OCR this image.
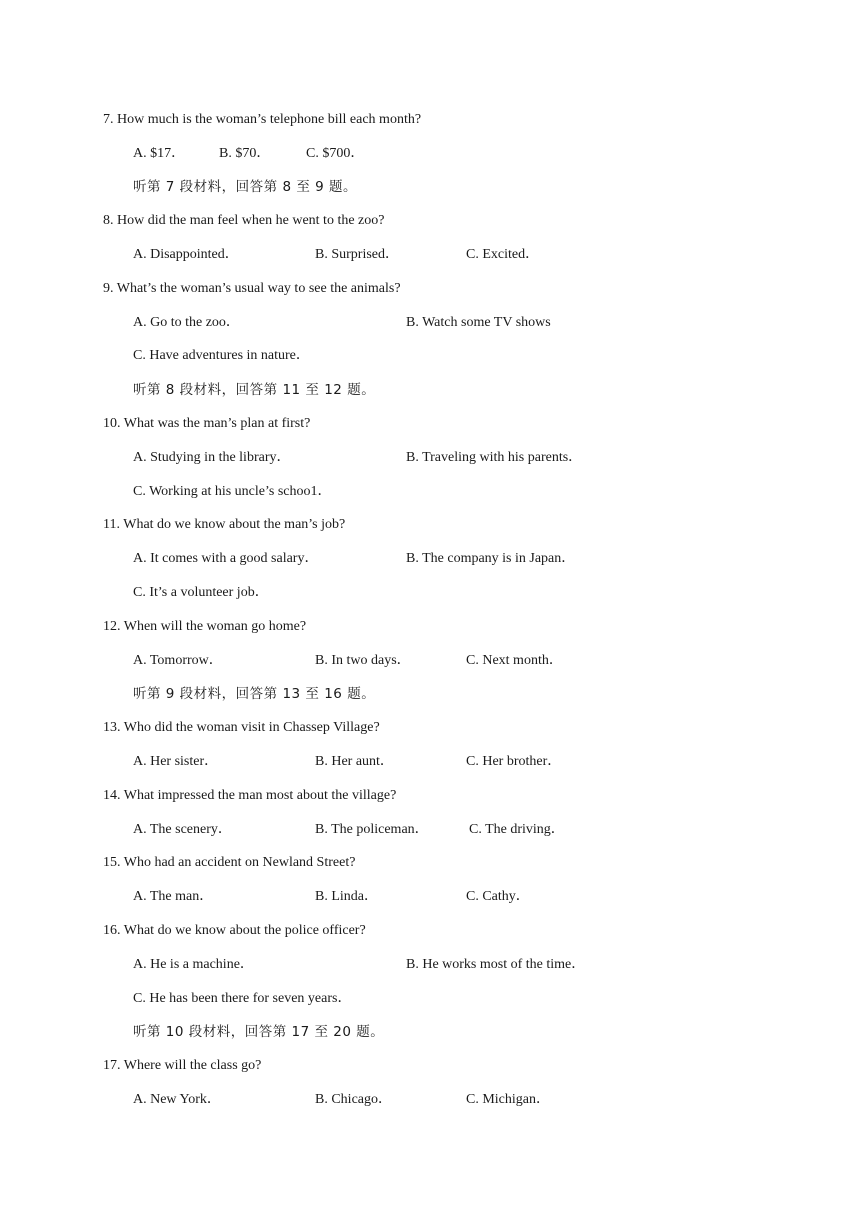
7. How much is the woman’s telephone bill each month?
A. $17． B. $70．	C. $700．
听第 7 段材料，回答第 8 至 9 题。
8. How did the man feel when he went to the zoo?
A. Disappointed．	B. Surprised．	C. Excited．
9. What’s the woman’s usual way to see the animals?
A. Go to the zoo．	B. Watch some TV shows
C. Have adventures in nature．
听第 8 段材料，回答第 11 至 12 题。
10. What was the man’s plan at first?
A. Studying in the library．	B. Traveling with his parents．
C. Working at his uncle’s schoo1．
11. What do we know about the man’s job?
A. It comes with a good salary．	B. The company is in Japan．
C. It’s a volunteer job．
12. When will the woman go home?
A. Tomorrow．	B. In two days．	C. Next month．
听第 9 段材料，回答第 13 至 16 题。
13. Who did the woman visit in Chassep Village?
A. Her sister．	B. Her aunt．	C. Her brother．
14. What impressed the man most about the village?
A. The scenery．	B. The policeman．	C. The driving．
15. Who had an accident on Newland Street?
A. The man．	B. Linda．	C. Cathy．
16. What do we know about the police officer?
A. He is a machine．	B. He works most of the time．
C. He has been there for seven years．
听第 10 段材料，回答第 17 至 20 题。
17. Where will the class go?
A. New York．	B. Chicago．	C. Michigan．
